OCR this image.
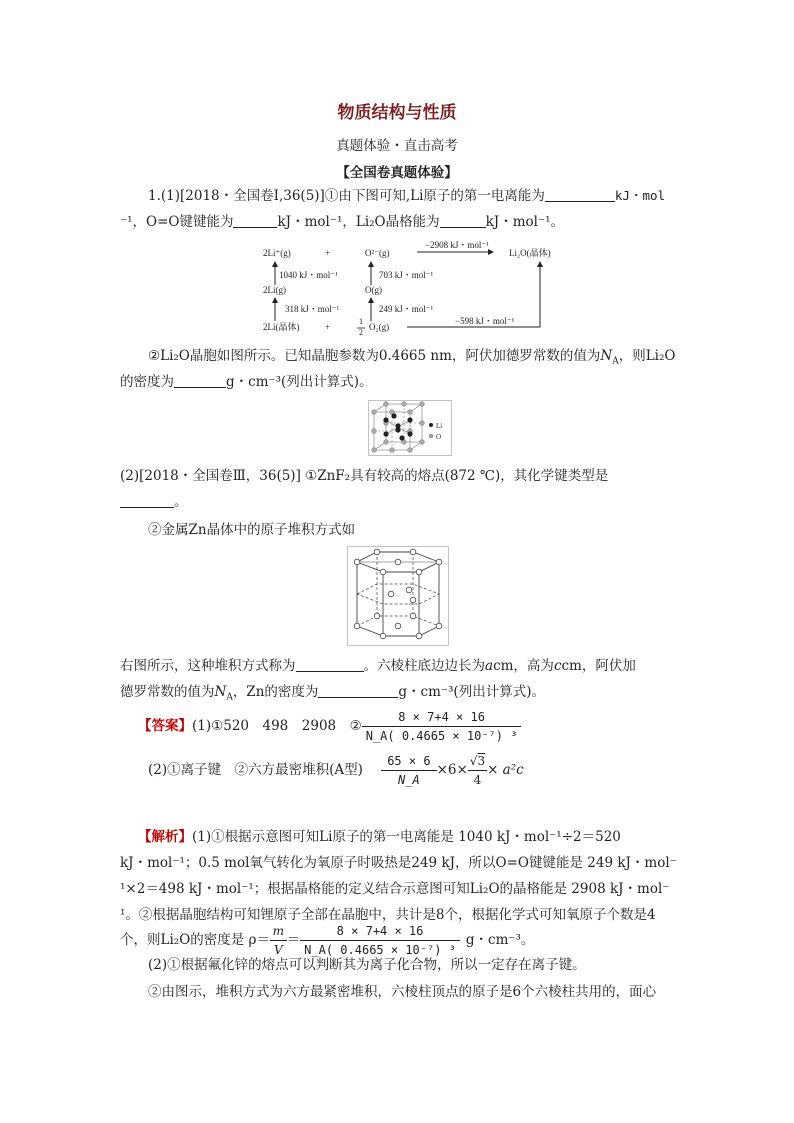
物质结构与性质
真题体验・直击高考
【全国卷真题体验】
1.(1)[2018・全国卷Ⅰ,36(5)]①由下图可知,Li原子的第一电离能为	kJ・mol
⁻¹，O=O键键能为	kJ・mol⁻¹，Li₂O晶格能为	kJ・mol⁻¹。
2Li⁺(g)	+	O²⁻(g)
−2908 kJ・mol⁻¹
Li₂O(晶体)
1040 kJ・mol⁻¹	703 kJ・mol⁻¹
2Li(g)	O(g)
318 kJ・mol⁻¹	249 kJ・mol⁻¹
2Li(晶体)	+
1
2
O₂(g)
−598 kJ・mol⁻¹
②Li₂O晶胞如图所示。已知晶胞参数为0.4665 nm，阿伏加德罗常数的值为$N_A$，则Li₂O
的密度为	g・cm⁻³(列出计算式)。
Li
O
(2)[2018・全国卷Ⅲ，36(5)] ①ZnF₂具有较高的熔点(872 ℃)，其化学键类型是
。
②金属Zn晶体中的原子堆积方式如
右图所示，这种堆积方式称为	。六棱柱底边边长为acm，高为ccm，阿伏加
德罗常数的值为$N_A$，Zn的密度为	g・cm⁻³(列出计算式)。
【答案】(1)①520　498　2908　② $\frac{8 \times 7+4 \times 16}{\text{N\_A( 0.4665 × 10⁻⁷) ³}}$
(2)①离子键　②六方最密堆积(A型) $\frac{65 \times 6}{N\_A} \times 6\times \frac{√3}{4} \times a^2c$
【解析】(1)①根据示意图可知Li原子的第一电离能是 1040 kJ・mol⁻¹÷2＝520
kJ・mol⁻¹；0.5 mol氧气转化为氧原子时吸热是249 kJ，所以O=O键键能是 249 kJ・mol⁻
¹×2＝498 kJ・mol⁻¹；根据晶格能的定义结合示意图可知Li₂O的晶格能是 2908 kJ・mol⁻
¹。②根据晶胞结构可知锂原子全部在晶胞中，共计是8个，根据化学式可知氧原子个数是4
个，则Li₂O的密度是 $\rho= \frac{m}{V} = \frac{8 \times 7+4 \times 16}{\text{N\_A( 0.4665 × 10⁻⁷) ³}}$ g・cm⁻³。
(2)①根据氟化锌的熔点可以判断其为离子化合物，所以一定存在离子键。
②由图示，堆积方式为六方最紧密堆积，六棱柱顶点的原子是6个六棱柱共用的，面心
